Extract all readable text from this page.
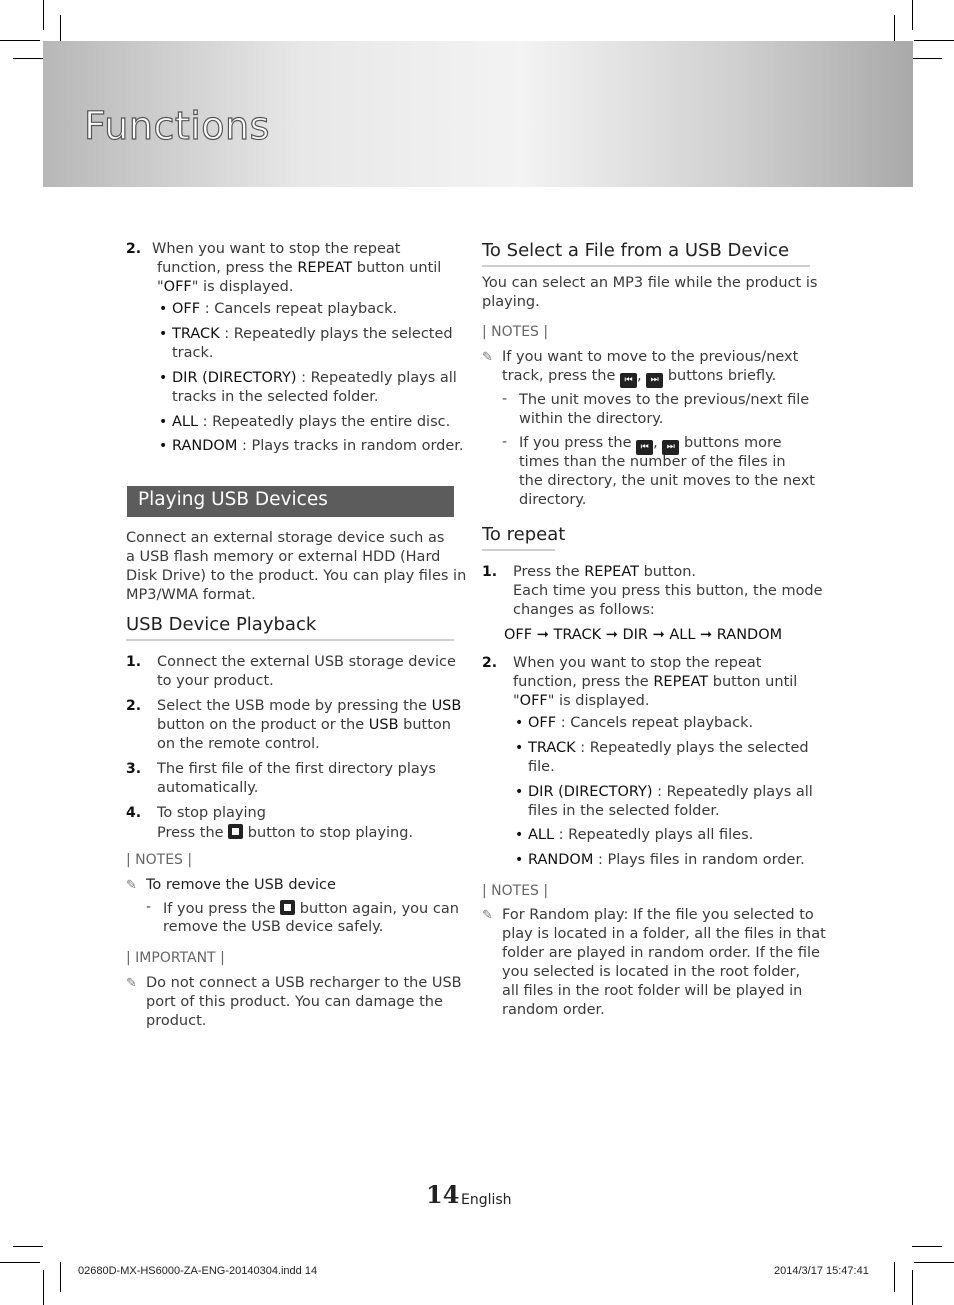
Functions
2. When you want to stop the repeat
function, press the REPEAT button until
"OFF" is displayed.
• OFF : Cancels repeat playback.
• TRACK : Repeatedly plays the selected
track.
• DIR (DIRECTORY) : Repeatedly plays all
tracks in the selected folder.
• ALL : Repeatedly plays the entire disc.
• RANDOM : Plays tracks in random order.
Playing USB Devices
Connect an external storage device such as
a USB flash memory or external HDD (Hard
Disk Drive) to the product. You can play files in
MP3/WMA format.
USB Device Playback
1. Connect the external USB storage device
to your product.
2. Select the USB mode by pressing the USB
button on the product or the USB button
on the remote control.
3. The first file of the first directory plays
automatically.
4. To stop playing
Press the  button to stop playing.
| NOTES |
✎ To remove the USB device
- If you press the  button again, you can
remove the USB device safely.
| IMPORTANT |
✎ Do not connect a USB recharger to the USB
port of this product. You can damage the
product.
To Select a File from a USB Device
You can select an MP3 file while the product is
playing.
| NOTES |
✎ If you want to move to the previous/next
track, press the ⏮ , ⏭ buttons briefly.
- The unit moves to the previous/next file
within the directory.
- If you press the ⏮ , ⏭ buttons more
times than the number of the files in
the directory, the unit moves to the next
directory.
To repeat
1. Press the REPEAT button.
Each time you press this button, the mode
changes as follows:
OFF ➞ TRACK ➞ DIR ➞ ALL ➞ RANDOM
2. When you want to stop the repeat
function, press the REPEAT button until
"OFF" is displayed.
• OFF : Cancels repeat playback.
• TRACK : Repeatedly plays the selected
file.
• DIR (DIRECTORY) : Repeatedly plays all
files in the selected folder.
• ALL : Repeatedly plays all files.
• RANDOM : Plays files in random order.
| NOTES |
✎ For Random play: If the file you selected to
play is located in a folder, all the files in that
folder are played in random order. If the file
you selected is located in the root folder,
all files in the root folder will be played in
random order.
14 English
02680D-MX-HS6000-ZA-ENG-20140304.indd 14	2014/3/17 15:47:41
